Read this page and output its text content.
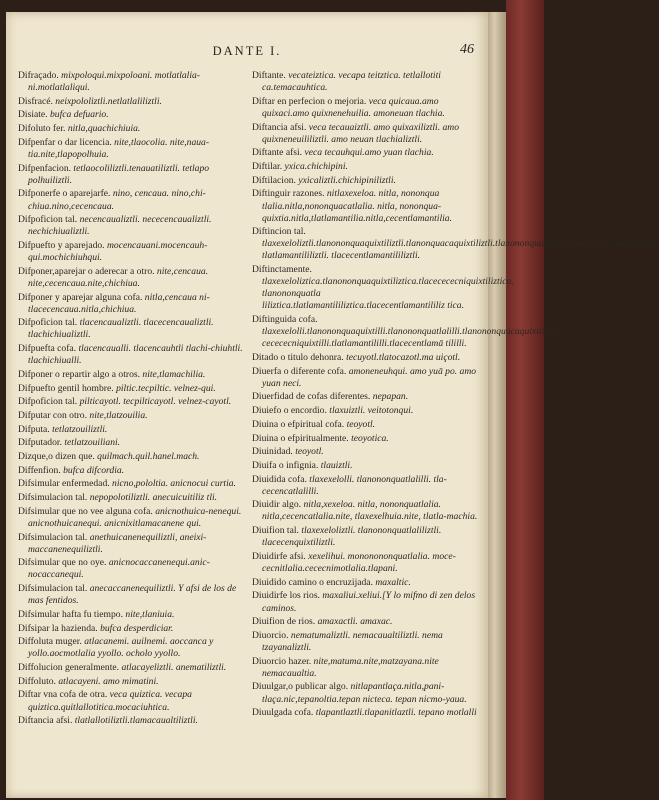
DANTE I.	46
Difraçado. mixpoloqui.mixpoloani. motlatlalia-ni.motlatlaliqui.
Disfracé. neixpololiztli.netlatlaliliztli.
Disiate. bufca defuario.
Difoluto fer. nitla,quachichiuia.
Difpenfar o dar licencia. nite,tlaocolia. nite,naua-tia.nite,tlapopolhuia.
Difpenfacion. tetlaocoliliztli.tenauatiliztli. tetlapo polhuiliztli.
Difponerfe o aparejarfe. nino, cencaua. nino,chi-chiua.nino,cecencaua.
Difpoficion tal. necencaualiztli. nececencaualiztli. nechichiualiztli.
Difpuefto y aparejado. mocencauani.mocencauh-qui.mochichiuhqui.
Difponer,aparejar o aderecar a otro. nite,cencaua. nite,cecencaua.nite,chichiua.
Difponer y aparejar alguna cofa. nitla,cencaua ni-tlacecencaua.nitla,chichiua.
Difpoficion tal. tlacencaualiztli. tlacecencaualiztli. tlachichiualiztli.
Difpuefta cofa. tlacencaualli. tlacencauhtli tlachi-chiuhtli. tlachichiualli.
Difponer o repartir algo a otros. nite,tlamachilia.
Difpuefto gentil hombre. piltic.tecpiltic. velnez-qui.
Difpoficion tal. pilticayotl. tecpilticayotl. velnez-cayotl.
Difputar con otro. nite,tlatzouilia.
Difputa. tetlatzouiliztli.
Difputador. tetlatzouiliani.
Dizque,o dizen que. quilmach.quil.hanel.mach.
Diffenfion. bufca difcordia.
Difsimular enfermedad. nicno,pololtia. anicnocui curtia.
Difsimulacion tal. nepopolotiliztli. anecuicuitiliz tli.
Difsimular que no vee alguna cofa. anicnothuica-nenequi. anicnothuicanequi. anicnixitlamacanene qui.
Difsimulacion tal. anethuicanenequiliztli, aneixi-maccanenequiliztli.
Difsimular que no oye. anicnocaccanenequi.anic-nocaccanequi.
Difsimulacion tal. anecaccanenequiliztli. Y afsi de los de mas fentidos.
Difsimular hafta fu tiempo. nite,tlaniuia.
Difsipar la hazienda. bufca desperdiciar.
Diffoluta muger. atlacanemi. auilnemi. aoccanca y yollo.aocmotlalia yyollo. ocholo yyollo.
Diffolucion generalmente. atlacayeliztli. anematiliztli.
Diffoluto. atlacayeni. amo mimatini.
Diftar vna cofa de otra. veca quiztica. vecapa quiztica.quitlallotitica.mocaciuhtica.
Diftancia afsi. tlatlallotiliztli.tlamacaualtiliztli.
Diftante. vecateiztica. vecapa teitztica. tetlallotiti ca.temacauhtica.
Diftar en perfecion o mejoria. veca quicaua.amo quixaci.amo quixnenehuilia. amoneuan tlachia.
Diftancia afsi. veca tecauaiztli. amo quixaxiliztli. amo quixneneuililiztli. amo neuan tlachializtli.
Diftante afsi. veca tecauhqui.amo yuan tlachia.
Diftilar. yxica.chichipini.
Diftilacion. yxicaliztli.chichipiniliztli.
Diftinguir razones. nitlaxexeloa. nitla, nononqua tlalia.nitla,nononquacatlalia. nitla, nononqua-quixtia.nitla,tlatlamantilia.nitla,cecentlamantilia.
Diftincion tal. tlaxexeloliztli.tlanononquaquixtiliztli.tlanonquacaquixtiliztli.tlanononquatlalizli.tlacecececniquixtiliztli. tlatlamantililiztli. tlacecentlamantililiztli.
Diftinctamente. tlaxexeloliztica.tlanononquaquixtiliztica.tlacecececniquixtiliztica. tlanononquatla liliztica.tlatlamantililiztica.tlacecentlamantililiz tica.
Diftinguida cofa. tlaxexelolli.tlanononquaquixtilli.tlanononquatlalilli.tlanononquacaquixtilli.tla cecececniquixtilli.tlatlamantililli.tlacecentlamā tililli.
Ditado o titulo dehonra. tecuyotl.tlatocazotl.ma uiçotl.
Diuerfa o diferente cofa. amoneneuhqui. amo yuā po. amo yuan neci.
Diuerfidad de cofas diferentes. nepapan.
Diuiefo o encordio. tlaxuiztli. veitotonqui.
Diuina o efpiritual cofa. teoyotl.
Diuina o efpiritualmente. teoyotica.
Diuinidad. teoyotl.
Diuifa o infignia. tlauiztli.
Diuidida cofa. tlaxexelolli. tlanononquatlalilli. tla-cecencatlalilli.
Diuidir algo. nitla,xexeloa. nitla, nononquatlalia. nitla,cecencatlalia.nite, tlaxexelhuia.nite, tlatla-machia.
Diuifion tal. tlaxexeloliztli. tlanononquatlaliliztli. tlacecenquixtiliztli.
Diuidirfe afsi. xexelihui. mononononquatlalia. moce-cecnitlalia.cececnimotlalia.tlapani.
Diuidido camino o encruzijada. maxaltic.
Diuidirfe los rios. maxaliui.xeliui.[Y lo mifmo di zen delos caminos.
Diuifion de rios. amaxactli. amaxac.
Diuorcio. nematumaliztli. nemacaualtiliztli. nema tzayanaliztli.
Diuorcio hazer. nite,matuma.nite,matzayana.nite nemacaualtia.
Diuulgar,o publicar algo. nitlapantlaça.nitla,pani-tlaça.nic,tepanoltia.tepan nicteca. tepan nicmo-yaua.
Diuulgada cofa. tlapantlaztli.tlapanitlaztli. tepano motlalli
